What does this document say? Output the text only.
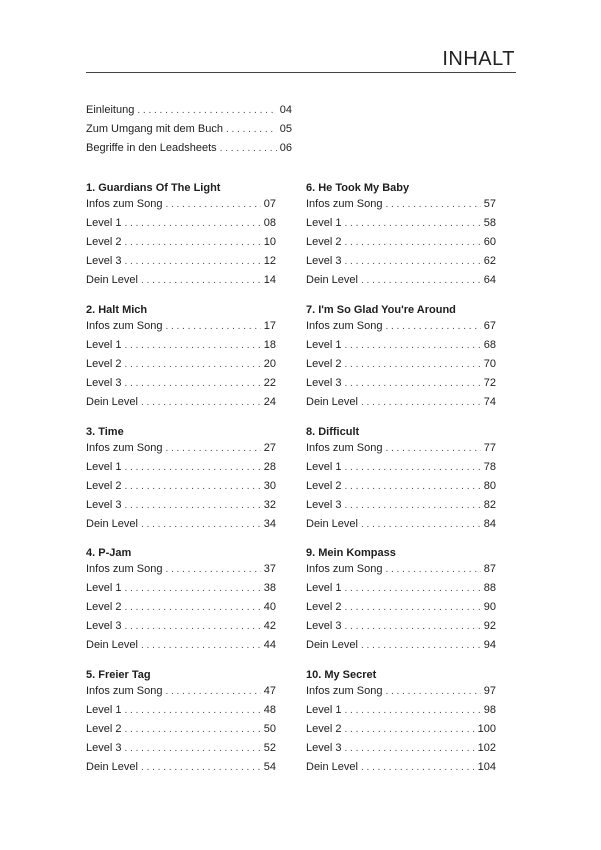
INHALT
Einleitung . . .	04
Zum Umgang mit dem Buch . . .	05
Begriffe in den Leadsheets . . .	06
1. Guardians Of The Light
Infos zum Song . . .	07
Level 1 . . .	08
Level 2 . . .	10
Level 3 . . .	12
Dein Level . . .	14
2. Halt Mich
Infos zum Song . . .	17
Level 1 . . .	18
Level 2 . . .	20
Level 3 . . .	22
Dein Level . . .	24
3. Time
Infos zum Song . . .	27
Level 1 . . .	28
Level 2 . . .	30
Level 3 . . .	32
Dein Level . . .	34
4. P-Jam
Infos zum Song . . .	37
Level 1 . . .	38
Level 2 . . .	40
Level 3 . . .	42
Dein Level . . .	44
5. Freier Tag
Infos zum Song . . .	47
Level 1 . . .	48
Level 2 . . .	50
Level 3 . . .	52
Dein Level . . .	54
6. He Took My Baby
Infos zum Song . . .	57
Level 1 . . .	58
Level 2 . . .	60
Level 3 . . .	62
Dein Level . . .	64
7. I'm So Glad You're Around
Infos zum Song . . .	67
Level 1 . . .	68
Level 2 . . .	70
Level 3 . . .	72
Dein Level . . .	74
8. Difficult
Infos zum Song . . .	77
Level 1 . . .	78
Level 2 . . .	80
Level 3 . . .	82
Dein Level . . .	84
9. Mein Kompass
Infos zum Song . . .	87
Level 1 . . .	88
Level 2 . . .	90
Level 3 . . .	92
Dein Level . . .	94
10. My Secret
Infos zum Song . . .	97
Level 1 . . .	98
Level 2 . . .	100
Level 3 . . .	102
Dein Level . . .	104
